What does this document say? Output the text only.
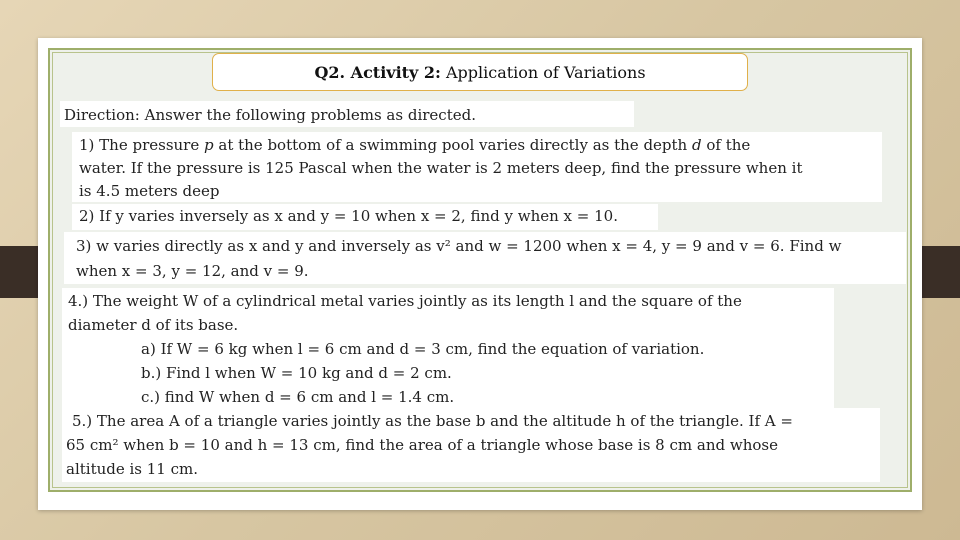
Q2. Activity 2: Application of Variations
Direction: Answer the following problems as directed.
1) The pressure p at the bottom of a swimming pool varies directly as the depth d of the
water. If the pressure is 125 Pascal when the water is 2 meters deep, find the pressure when it
is 4.5 meters deep
2) If y varies inversely as x and y = 10 when x = 2, find y when x = 10.
3) w varies directly as x and y and inversely as v² and w = 1200 when x = 4, y = 9 and v = 6. Find w
when x = 3, y = 12, and v = 9.
4.) The weight W of a cylindrical metal varies jointly as its length l and the square of the
diameter d of its base.
a) If W = 6 kg when l = 6 cm and d = 3 cm, find the equation of variation.
b.) Find l when W = 10 kg and d = 2 cm.
c.) find W when d = 6 cm and l = 1.4 cm.
5.) The area A of a triangle varies jointly as the base b and the altitude h of the triangle. If A =
65 cm² when b = 10 and h = 13 cm, find the area of a triangle whose base is 8 cm and whose
altitude is 11 cm.
